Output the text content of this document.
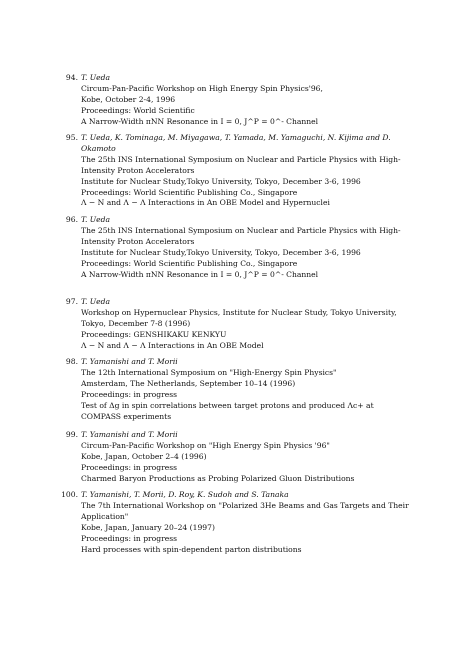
94. T. Ueda
Circum-Pan-Pacific Workshop on High Energy Spin Physics'96,
Kobe, October 2-4, 1996
Proceedings: World Scientific
A Narrow-Width πNN Resonance in I = 0, J^P = 0^- Channel
95. T. Ueda, K. Tominaga, M. Miyagawa, T. Yamada, M. Yamaguchi, N. Kijima and D. Okamoto
The 25th INS International Symposium on Nuclear and Particle Physics with High-Intensity Proton Accelerators
Institute for Nuclear Study,Tokyo University, Tokyo, December 3-6, 1996
Proceedings: World Scientific Publishing Co., Singapore
Λ − N and Λ − Λ Interactions in An OBE Model and Hypernuclei
96. T. Ueda
The 25th INS International Symposium on Nuclear and Particle Physics with High-Intensity Proton Accelerators
Institute for Nuclear Study,Tokyo University, Tokyo, December 3-6, 1996
Proceedings: World Scientific Publishing Co., Singapore
A Narrow-Width πNN Resonance in I = 0, J^P = 0^- Channel
97. T. Ueda
Workshop on Hypernuclear Physics, Institute for Nuclear Study, Tokyo University, Tokyo, December 7-8 (1996)
Proceedings: GENSHIKAKU KENKYU
Λ − N and Λ − Λ Interactions in An OBE Model
98. T. Yamanishi and T. Morii
The 12th International Symposium on "High-Energy Spin Physics"
Amsterdam, The Netherlands, September 10–14 (1996)
Proceedings: in progress
Test of Δg in spin correlations between target protons and produced Λc+ at COMPASS experiments
99. T. Yamanishi and T. Morii
Circum-Pan-Pacific Workshop on "High Energy Spin Physics '96"
Kobe, Japan, October 2–4 (1996)
Proceedings: in progress
Charmed Baryon Productions as Probing Polarized Gluon Distributions
100. T. Yamanishi, T. Morii, D. Roy, K. Sudoh and S. Tanaka
The 7th International Workshop on "Polarized 3He Beams and Gas Targets and Their Application"
Kobe, Japan, January 20–24 (1997)
Proceedings: in progress
Hard processes with spin-dependent parton distributions
